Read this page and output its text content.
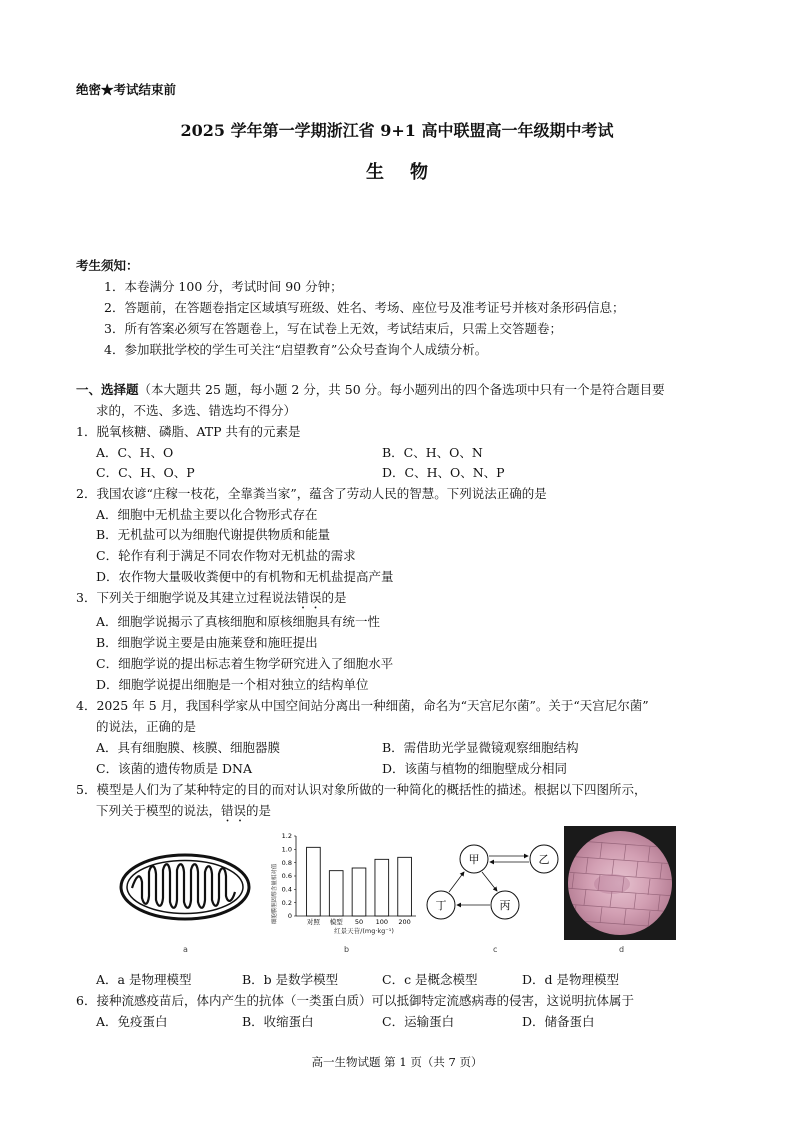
绝密★考试结束前
2025 学年第一学期浙江省 9+1 高中联盟高一年级期中考试
生物
考生须知：
1．本卷满分 100 分，考试时间 90 分钟；
2．答题前，在答题卷指定区域填写班级、姓名、考场、座位号及准考证号并核对条形码信息；
3．所有答案必须写在答题卷上，写在试卷上无效，考试结束后，只需上交答题卷；
4．参加联批学校的学生可关注“启望教育”公众号查询个人成绩分析。
一、选择题（本大题共 25 题，每小题 2 分，共 50 分。每小题列出的四个备选项中只有一个是符合题目要
求的，不选、多选、错选均不得分）
1．脱氧核糖、磷脂、ATP 共有的元素是
A．C、H、O	B．C、H、O、N
C．C、H、O、P	D．C、H、O、N、P
2．我国农谚“庄稼一枝花，全靠粪当家”，蕴含了劳动人民的智慧。下列说法正确的是
A．细胞中无机盐主要以化合物形式存在
B．无机盐可以为细胞代谢提供物质和能量
C．轮作有利于满足不同农作物对无机盐的需求
D．农作物大量吸收粪便中的有机物和无机盐提高产量
3．下列关于细胞学说及其建立过程说法错误的是
A．细胞学说揭示了真核细胞和原核细胞具有统一性
B．细胞学说主要是由施莱登和施旺提出
C．细胞学说的提出标志着生物学研究进入了细胞水平
D．细胞学说提出细胞是一个相对独立的结构单位
4．2025 年 5 月，我国科学家从中国空间站分离出一种细菌，命名为“天宫尼尔菌”。关于“天宫尼尔菌”
的说法，正确的是
A．具有细胞膜、核膜、细胞器膜	B．需借助光学显微镜观察细胞结构
C．该菌的遗传物质是 DNA	D．该菌与植物的细胞壁成分相同
5．模型是人们为了某种特定的目的而对认识对象所做的一种简化的概括性的描述。根据以下四图所示，
下列关于模型的说法，错误的是
a
细胞膜胆固醇含量相对值 0
0.2
0.4
0.6
0.8
1.0
1.2
对照 模型 50 100 200
红景天苷/(mg·kg⁻¹)
b
甲	乙
丁	丙
c	d
A．a 是物理模型	B．b 是数学模型	C．c 是概念模型	D．d 是物理模型
6．接种流感疫苗后，体内产生的抗体（一类蛋白质）可以抵御特定流感病毒的侵害，这说明抗体属于
A．免疫蛋白	B．收缩蛋白	C．运输蛋白	D．储备蛋白
高一生物试题 第 1 页（共 7 页）
